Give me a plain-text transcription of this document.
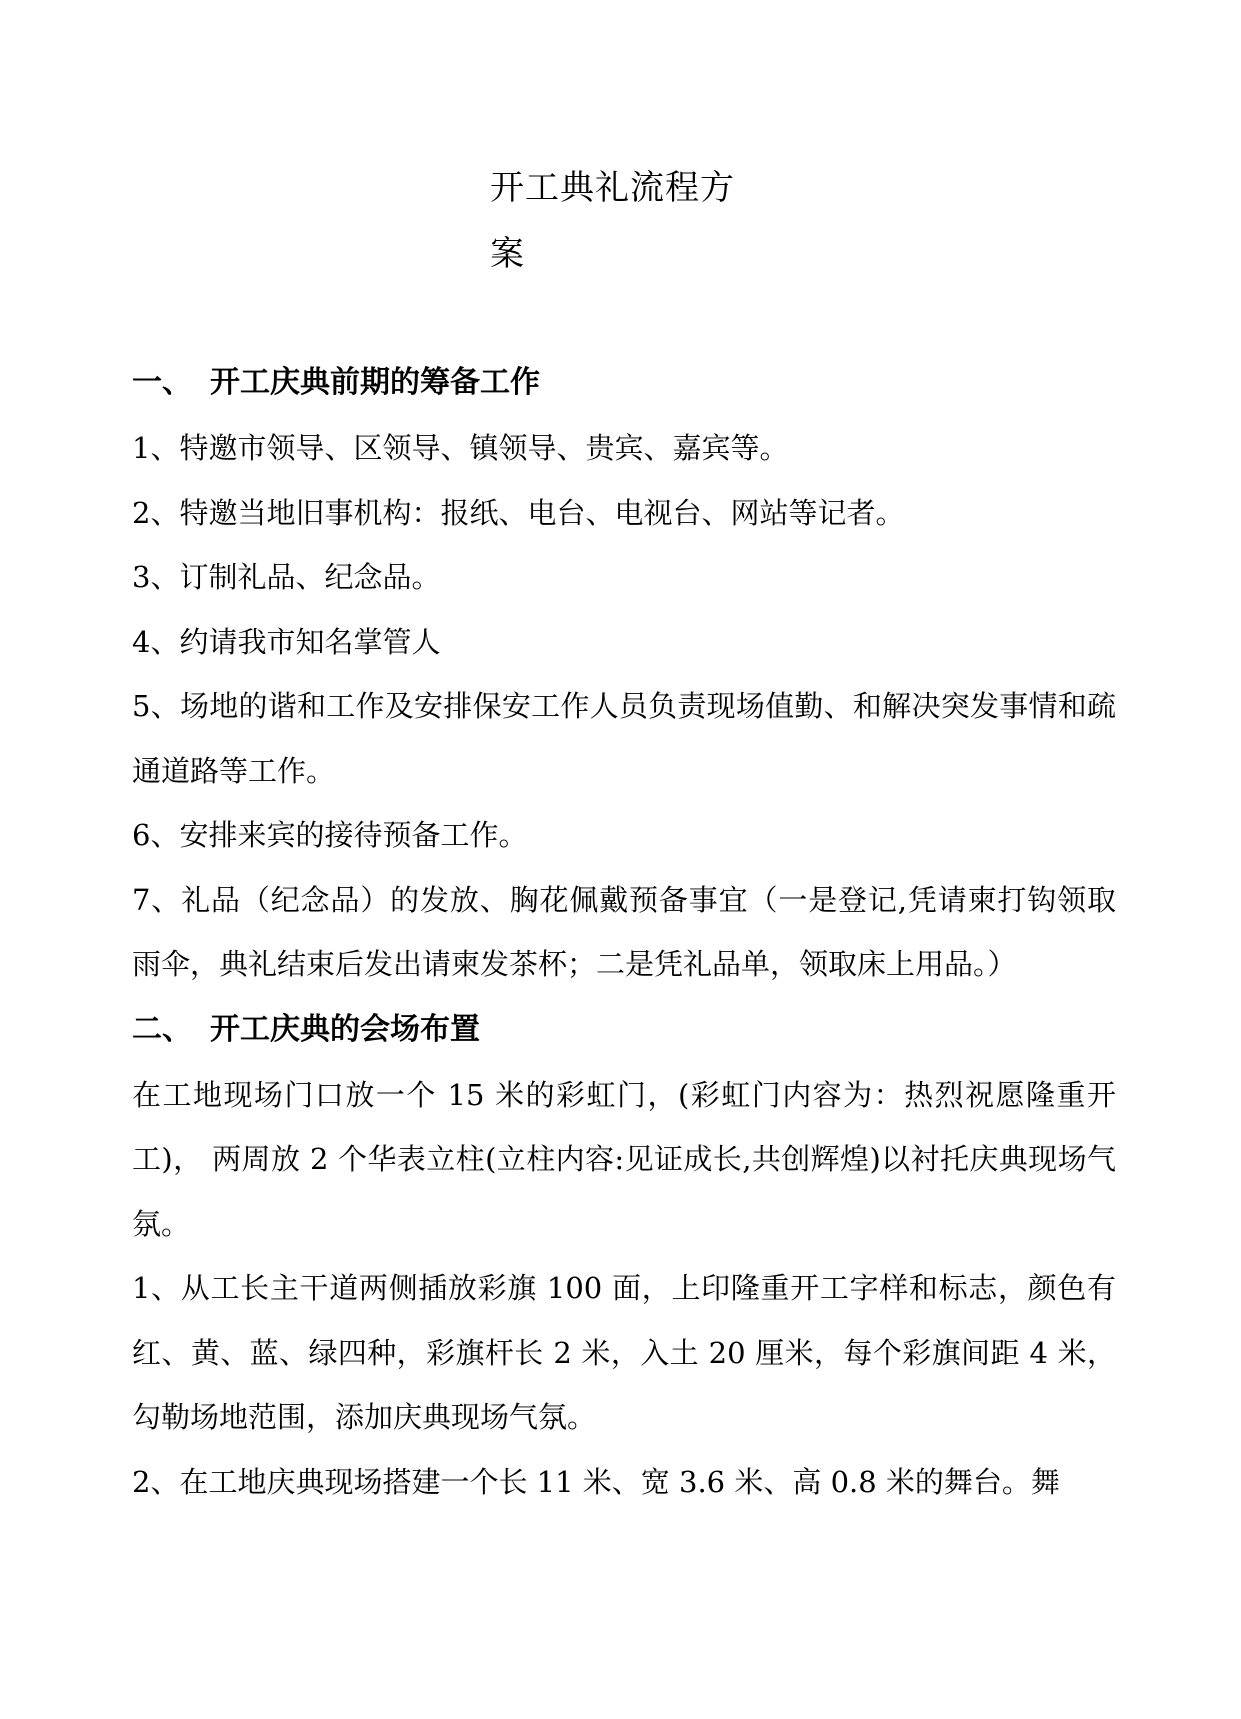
开工典礼流程方案
一、 开工庆典前期的筹备工作

1、特邀市领导、区领导、镇领导、贵宾、嘉宾等。

2、特邀当地旧事机构：报纸、电台、电视台、网站等记者。

3、订制礼品、纪念品。

4、约请我市知名掌管人

5、场地的谐和工作及安排保安工作人员负责现场值勤、和解决突发事情和疏通道路等工作。

6、安排来宾的接待预备工作。

7、礼品（纪念品）的发放、胸花佩戴预备事宜（一是登记,凭请柬打钩领取雨伞，典礼结束后发出请柬发茶杯；二是凭礼品单，领取床上用品。）

二、 开工庆典的会场布置

在工地现场门口放一个 15 米的彩虹门，(彩虹门内容为：热烈祝愿隆重开工)， 两周放 2 个华表立柱(立柱内容:见证成长,共创辉煌)以衬托庆典现场气氛。

1、从工长主干道两侧插放彩旗 100 面，上印隆重开工字样和标志，颜色有红、黄、蓝、绿四种，彩旗杆长 2 米，入土 20 厘米，每个彩旗间距 4 米，勾勒场地范围，添加庆典现场气氛。

2、在工地庆典现场搭建一个长 11 米、宽 3.6 米、高 0.8 米的舞台。舞
